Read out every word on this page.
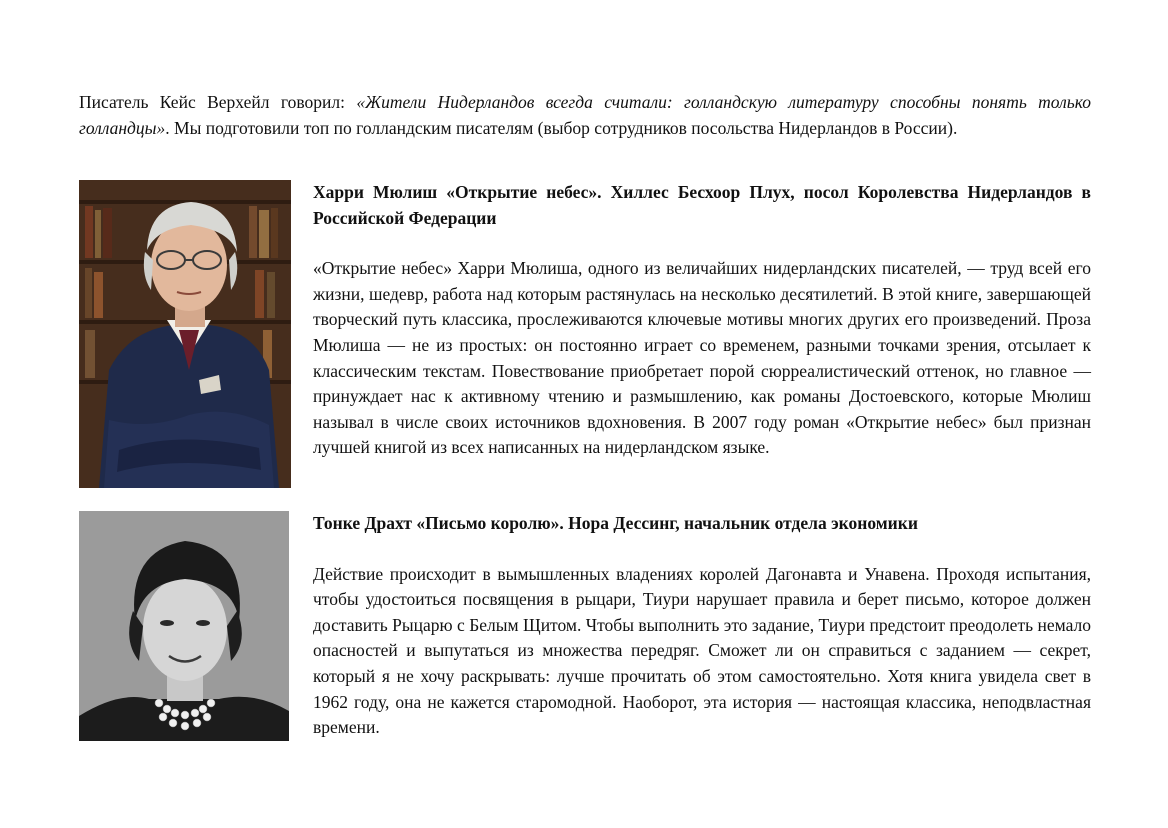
Писатель Кейс Верхейл говорил: «Жители Нидерландов всегда считали: голландскую литературу способны понять только голландцы». Мы подготовили топ по голландским писателям (выбор сотрудников посольства Нидерландов в России).
Харри Мюлиш «Открытие небес». Хиллес Бесхоор Плух, посол Королевства Нидерландов в Российской Федерации

«Открытие небес» Харри Мюлиша, одного из величайших нидерландских писателей, — труд всей его жизни, шедевр, работа над которым растянулась на несколько десятилетий. В этой книге, завершающей творческий путь классика, прослеживаются ключевые мотивы многих других его произведений. Проза Мюлиша — не из простых: он постоянно играет со временем, разными точками зрения, отсылает к классическим текстам. Повествование приобретает порой сюрреалистический оттенок, но главное — принуждает нас к активному чтению и размышлению, как романы Достоевского, которые Мюлиш называл в числе своих источников вдохновения. В 2007 году роман «Открытие небес» был признан лучшей книгой из всех написанных на нидерландском языке.

Тонке Драхт «Письмо королю». Нора Дессинг, начальник отдела экономики

Действие происходит в вымышленных владениях королей Дагонавта и Унавена. Проходя испытания, чтобы удостоиться посвящения в рыцари, Тиури нарушает правила и берет письмо, которое должен доставить Рыцарю с Белым Щитом. Чтобы выполнить это задание, Тиури предстоит преодолеть немало опасностей и выпутаться из множества передряг. Сможет ли он справиться с заданием — секрет, который я не хочу раскрывать: лучше прочитать об этом самостоятельно. Хотя книга увидела свет в 1962 году, она не кажется старомодной. Наоборот, эта история — настоящая классика, неподвластная времени.
